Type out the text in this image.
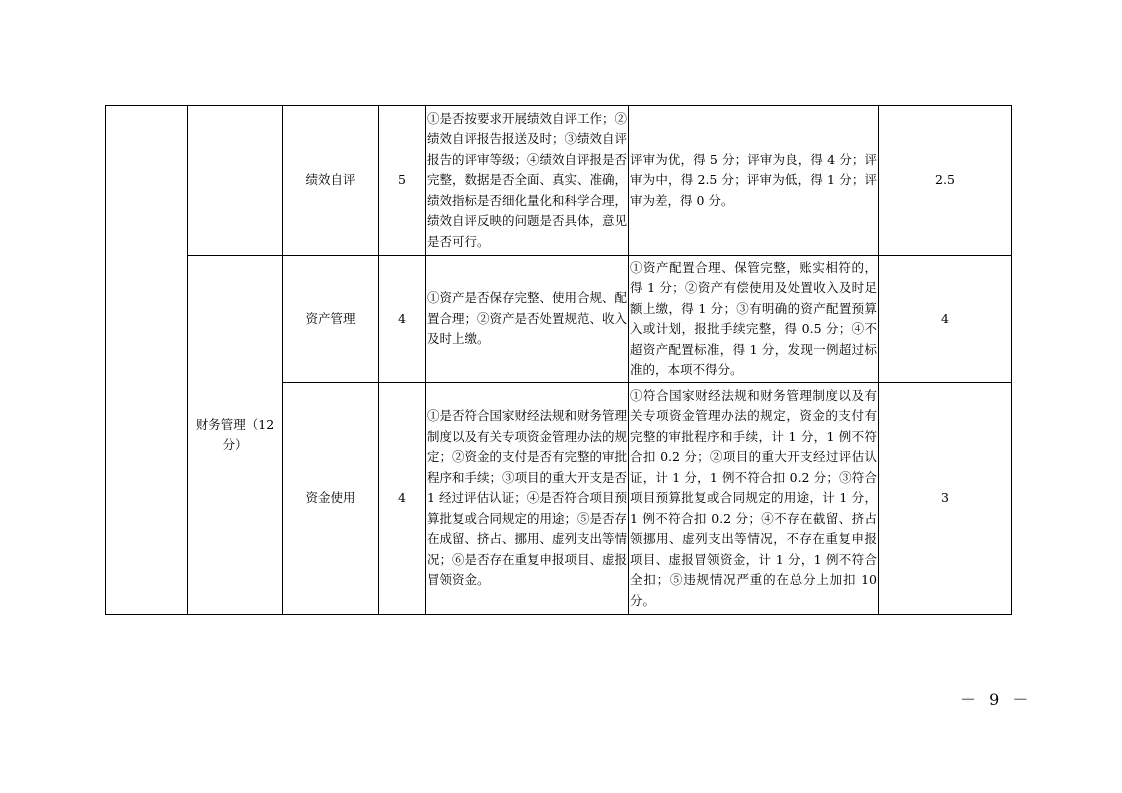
		绩效自评	5	①是否按要求开展绩效自评工作；②绩效自评报告报送及时；③绩效自评报告的评审等级；④绩效自评报是否完整，数据是否全面、真实、准确，绩效指标是否细化量化和科学合理，绩效自评反映的问题是否具体，意见是否可行。	评审为优，得 5 分；评审为良，得 4 分；评审为中，得 2.5 分；评审为低，得 1 分；评审为差，得 0 分。	2.5
	财务管理（12 分）	资产管理	4	①资产是否保存完整、使用合规、配置合理；②资产是否处置规范、收入及时上缴。	①资产配置合理、保管完整，账实相符的，得 1 分；②资产有偿使用及处置收入及时足额上缴，得 1 分；③有明确的资产配置预算入或计划，报批手续完整，得 0.5 分；④不超资产配置标准，得 1 分，发现一例超过标准的，本项不得分。	4
		资金使用	4	①是否符合国家财经法规和财务管理制度以及有关专项资金管理办法的规定；②资金的支付是否有完整的审批程序和手续；③项目的重大开支是否 1 经过评估认证；④是否符合项目预算批复或合同规定的用途；⑤是否存在成留、挤占、挪用、虚列支出等情况；⑥是否存在重复申报项目、虚报冒领资金。	①符合国家财经法规和财务管理制度以及有关专项资金管理办法的规定，资金的支付有完整的审批程序和手续，计 1 分，1 例不符合扣 0.2 分；②项目的重大开支经过评估认证，计 1 分，1 例不符合扣 0.2 分；③符合项目预算批复或合同规定的用途，计 1 分，1 例不符合扣 0.2 分；④不存在截留、挤占领挪用、虚列支出等情况，不存在重复申报项目、虚报冒领资金，计 1 分，1 例不符合全扣；⑤违规情况严重的在总分上加扣 10 分。	3
－ 9 －
